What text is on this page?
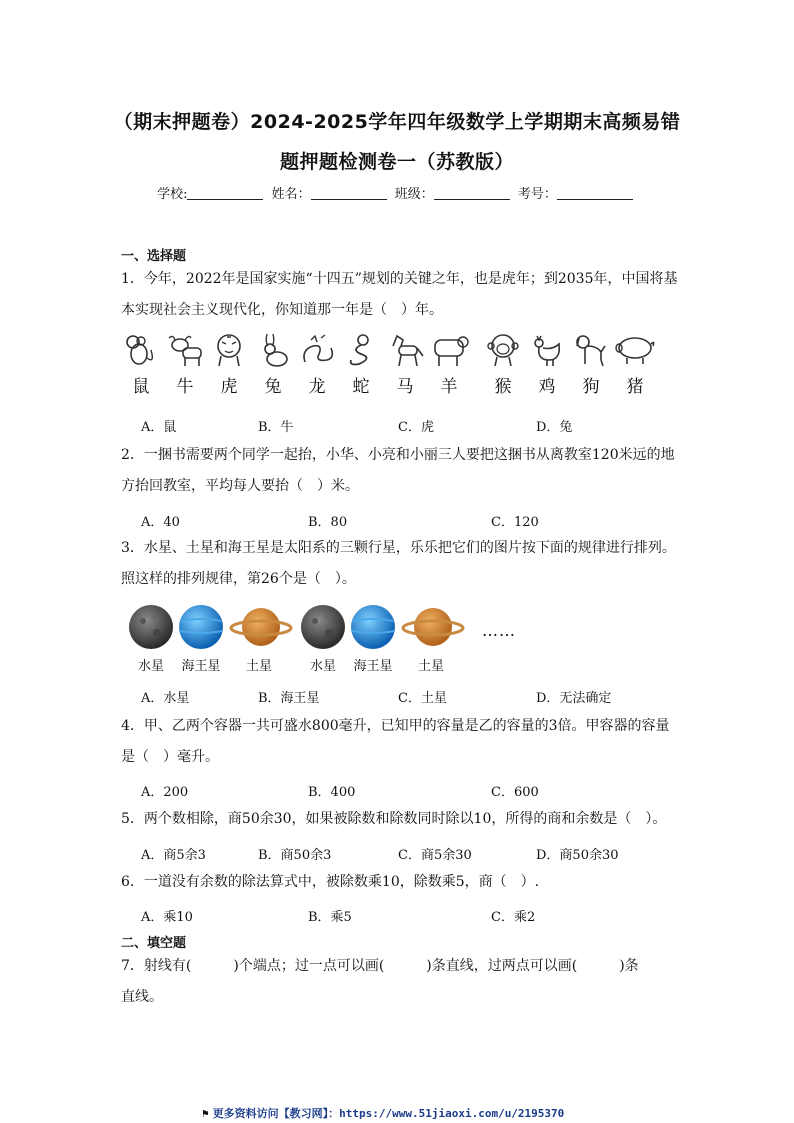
（期末押题卷）2024-2025学年四年级数学上学期期末高频易错
题押题检测卷一（苏教版）
学校:	姓名：	班级：	考号：
一、选择题
1．今年，2022年是国家实施“十四五”规划的关键之年，也是虎年；到2035年，中国将基
本实现社会主义现代化，你知道那一年是（　）年。
鼠	牛	虎	兔	龙	蛇	马	羊	猴	鸡	狗	猪
A．鼠	B．牛	C．虎	D．兔
2．一捆书需要两个同学一起抬，小华、小亮和小丽三人要把这捆书从离教室120米远的地
方抬回教室，平均每人要抬（　）米。
A．40	B．80	C．120
3．水星、土星和海王星是太阳系的三颗行星，乐乐把它们的图片按下面的规律进行排列。
照这样的排列规律，第26个是（　）。
水星	海王星	土星	水星	海王星	土星
……
A．水星	B．海王星	C．土星	D．无法确定
4．甲、乙两个容器一共可盛水800毫升，已知甲的容量是乙的容量的3倍。甲容器的容量
是（　）毫升。
A．200	B．400	C．600
5．两个数相除，商50余30，如果被除数和除数同时除以10，所得的商和余数是（　）。
A．商5余3	B．商50余3	C．商5余30	D．商50余30
6．一道没有余数的除法算式中，被除数乘10，除数乘5，商（　）.
A．乘10	B．乘5	C．乘2
二、填空题
7．射线有(　　　)个端点；过一点可以画(　　　)条直线，过两点可以画(　　　)条
直线。
⚑ 更多资料访问【教习网】：https://www.51jiaoxi.com/u/2195370
